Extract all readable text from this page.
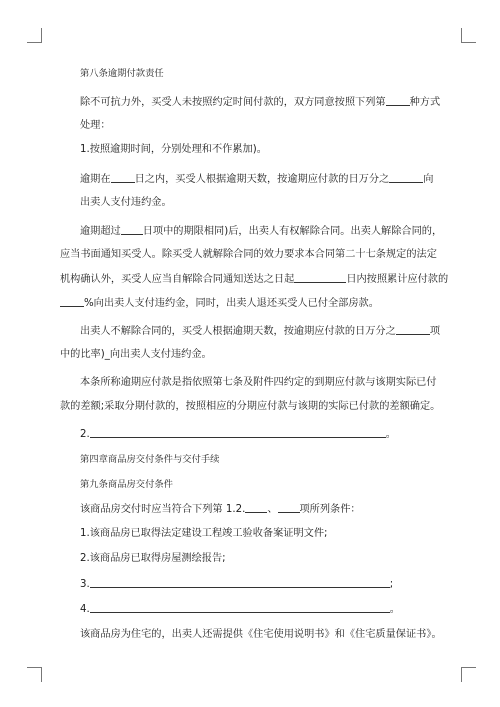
第八条逾期付款责任
除不可抗力外，买受人未按照约定时间付款的，双方同意按照下列第 种方式
处理：
1.按照逾期时间，分别处理和不作累加)。
逾期在 日之内，买受人根据逾期天数，按逾期应付款的日万分之	向
出卖人支付违约金。
逾期超过 日项中的期限相同)后，出卖人有权解除合同。出卖人解除合同的，
应当书面通知买受人。除买受人就解除合同的效力要求本合同第二十七条规定的法定
机构确认外，买受人应当自解除合同通知送达之日起	日内按照累计应付款的
%向出卖人支付违约金，同时，出卖人退还买受人已付全部房款。
出卖人不解除合同的，买受人根据逾期天数，按逾期应付款的日万分之	项
中的比率)_向出卖人支付违约金。
本条所称逾期应付款是指依照第七条及附件四约定的到期应付款与该期实际已付
款的差额;采取分期付款的，按照相应的分期应付款与该期的实际已付款的差额确定。
2.	。
第四章商品房交付条件与交付手续
第九条商品房交付条件
该商品房交付时应当符合下列第 1.2. 、 项所列条件：
1.该商品房已取得法定建设工程竣工验收备案证明文件;
2.该商品房已取得房屋测绘报告;
3.	;
4.	。
该商品房为住宅的，出卖人还需提供《住宅使用说明书》和《住宅质量保证书》。
